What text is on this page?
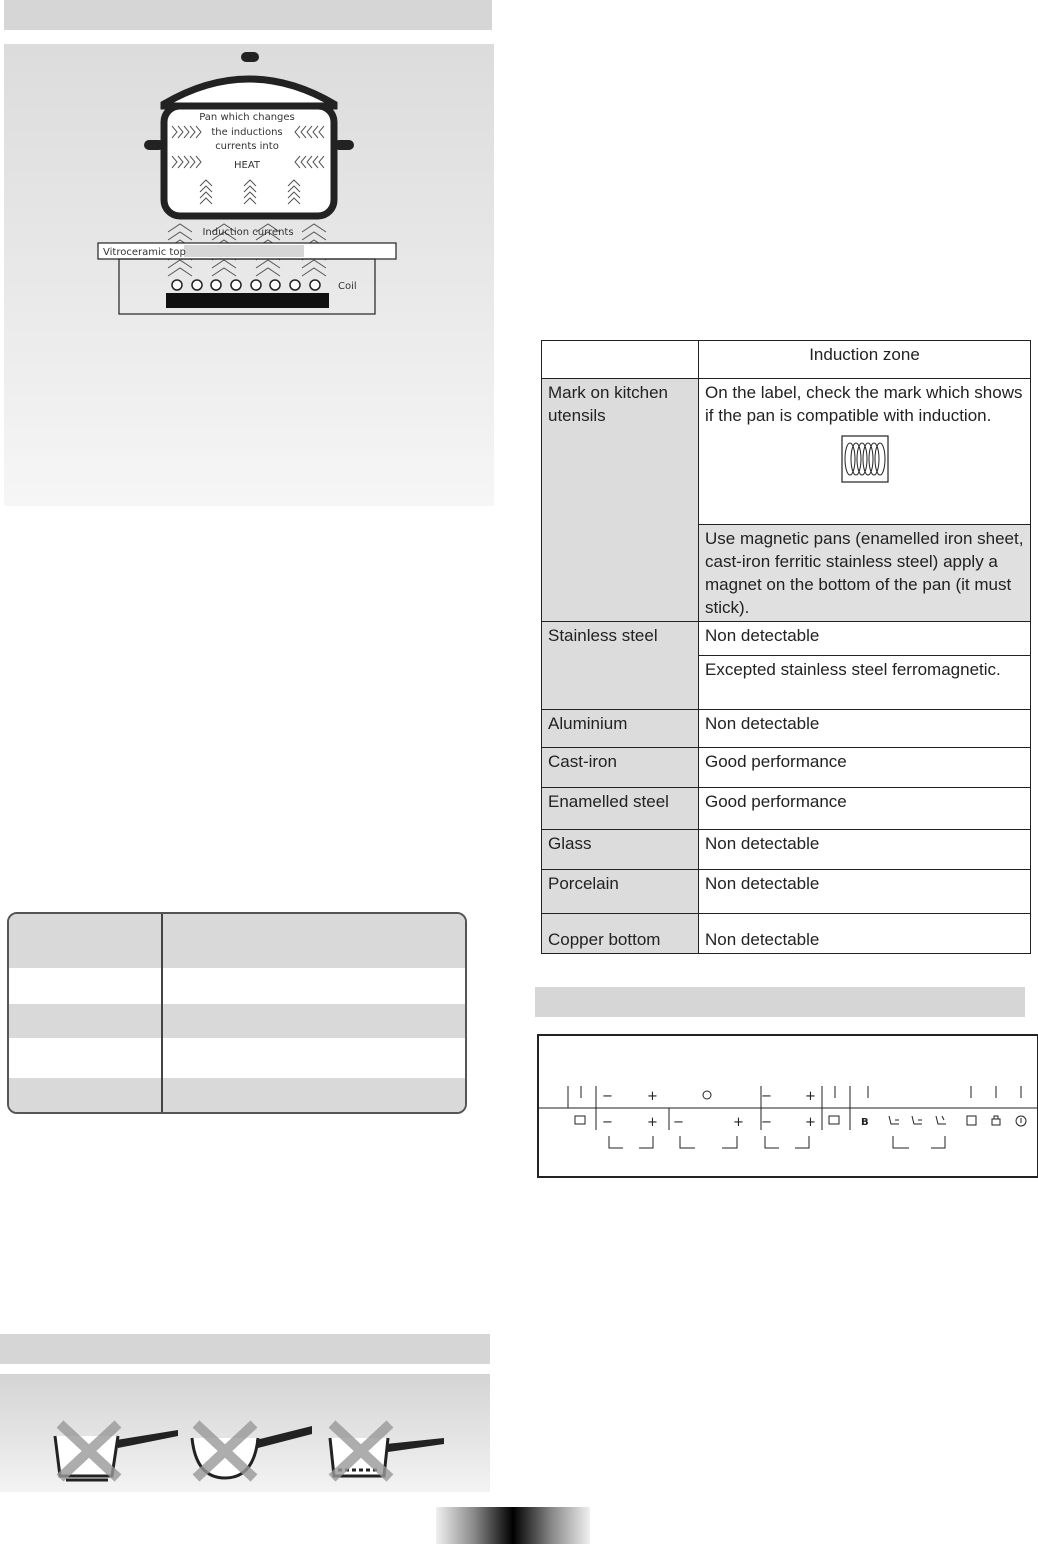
Pan which changes
the inductions
currents into
HEAT
Induction currents
Vitroceramic top
Coil
	Induction zone
Mark on kitchen utensils	On the label, check the mark which shows if the pan is compatible with induction.

	Use magnetic pans (enamelled iron sheet, cast-iron ferritic stainless steel) apply a magnet on the bottom of the pan (it must stick).
Stainless steel	Non detectable
	Excepted stainless steel ferromagnetic.
Aluminium	Non detectable
Cast-iron	Good performance
Enamelled steel	Good performance
Glass	Non detectable
Porcelain	Non detectable
Copper bottom	Non detectable
−	+	−	+
−	+ −	+ −	+	B
